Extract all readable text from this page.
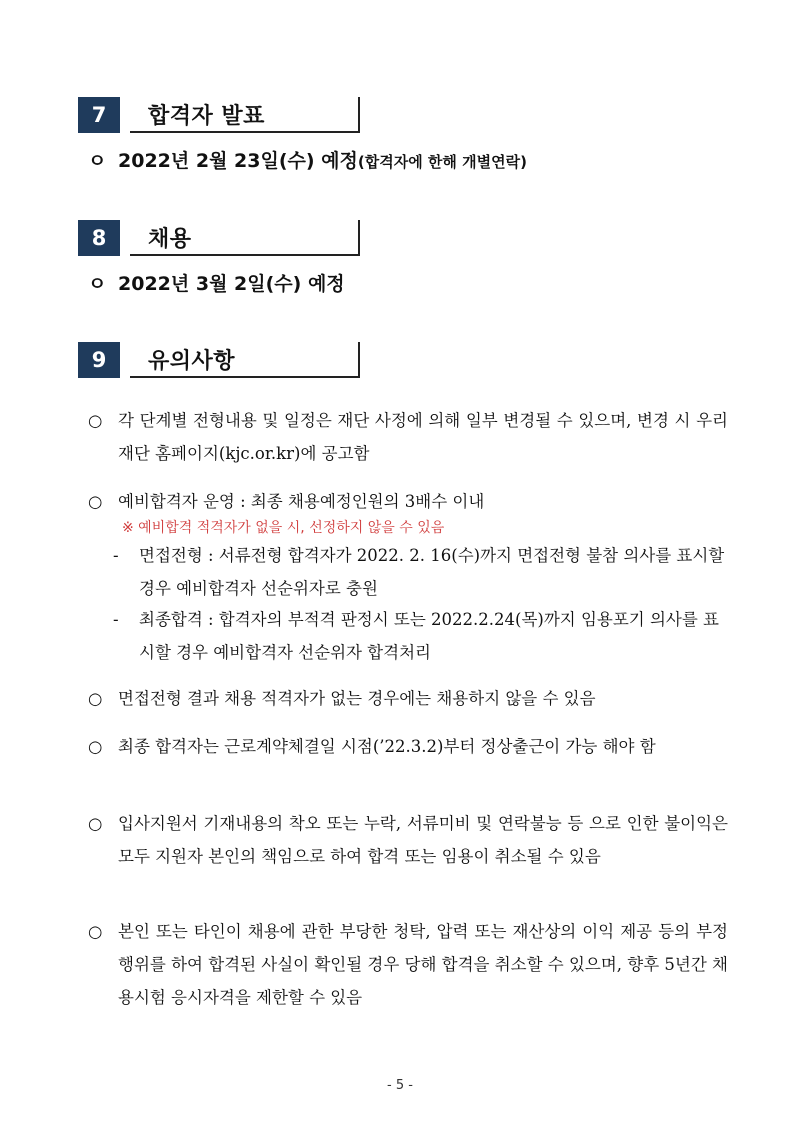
7	합격자 발표
ㅇ 2022년 2월 23일(수) 예정(합격자에 한해 개별연락)
8	채용
ㅇ 2022년 3월 2일(수) 예정
9	유의사항
○ 각 단계별 전형내용 및 일정은 재단 사정에 의해 일부 변경될 수 있으며, 변경 시 우리재단 홈페이지(kjc.or.kr)에 공고함
○ 예비합격자 운영 : 최종 채용예정인원의 3배수 이내
※ 예비합격 적격자가 없을 시, 선정하지 않을 수 있음
- 면접전형 : 서류전형 합격자가 2022. 2. 16(수)까지 면접전형 불참 의사를 표시할 경우 예비합격자 선순위자로 충원
- 최종합격 : 합격자의 부적격 판정시 또는 2022.2.24(목)까지 임용포기 의사를 표시할 경우 예비합격자 선순위자 합격처리
○ 면접전형 결과 채용 적격자가 없는 경우에는 채용하지 않을 수 있음
○ 최종 합격자는 근로계약체결일 시점(’22.3.2)부터 정상출근이 가능 해야 함
○ 입사지원서 기재내용의 착오 또는 누락, 서류미비 및 연락불능 등 으로 인한 불이익은 모두 지원자 본인의 책임으로 하여 합격 또는 임용이 취소될 수 있음
○ 본인 또는 타인이 채용에 관한 부당한 청탁, 압력 또는 재산상의 이익 제공 등의 부정행위를 하여 합격된 사실이 확인될 경우 당해 합격을 취소할 수 있으며, 향후 5년간 채용시험 응시자격을 제한할 수 있음
- 5 -
